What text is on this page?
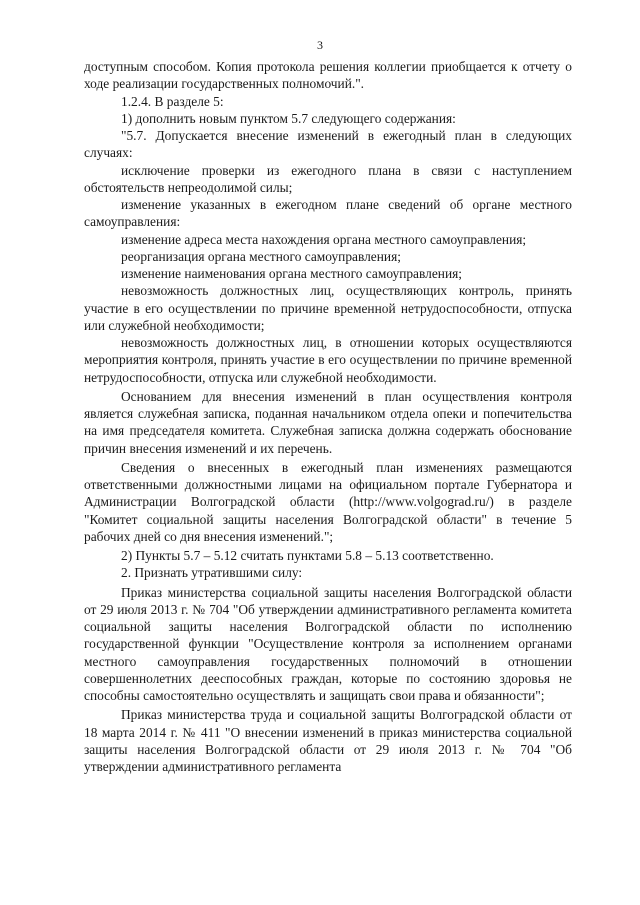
3

доступным способом. Копия протокола решения коллегии приобщается к отчету о ходе реализации государственных полномочий.".

1.2.4. В разделе 5:

1) дополнить новым пунктом 5.7 следующего содержания:

"5.7. Допускается внесение изменений в ежегодный план в следующих случаях:

исключение проверки из ежегодного плана в связи с наступлением обстоятельств непреодолимой силы;

изменение указанных в ежегодном плане сведений об органе местного самоуправления:

изменение адреса места нахождения органа местного самоуправления;

реорганизация органа местного самоуправления;

изменение наименования органа местного самоуправления;

невозможность должностных лиц, осуществляющих контроль, принять участие в его осуществлении по причине временной нетрудоспособности, отпуска или служебной необходимости;

невозможность должностных лиц, в отношении которых осуществляются мероприятия контроля, принять участие в его осуществлении по причине временной нетрудоспособности, отпуска или служебной необходимости.

Основанием для внесения изменений в план осуществления контроля является служебная записка, поданная начальником отдела опеки и попечительства на имя председателя комитета. Служебная записка должна содержать обоснование причин внесения изменений и их перечень.

Сведения о внесенных в ежегодный план изменениях размещаются ответственными должностными лицами на официальном портале Губернатора и Администрации Волгоградской области (http://www.volgograd.ru/) в разделе "Комитет социальной защиты населения Волгоградской области" в течение 5 рабочих дней со дня внесения изменений.";

2) Пункты 5.7 – 5.12 считать пунктами 5.8 – 5.13 соответственно.

2. Признать утратившими силу:

Приказ министерства социальной защиты населения Волгоградской области от 29 июля 2013 г. № 704 "Об утверждении административного регламента комитета социальной защиты населения Волгоградской области по исполнению государственной функции "Осуществление контроля за исполнением органами местного самоуправления государственных полномочий в отношении совершеннолетних дееспособных граждан, которые по состоянию здоровья не способны самостоятельно осуществлять и защищать свои права и обязанности";

Приказ министерства труда и социальной защиты Волгоградской области от 18 марта 2014 г. № 411 "О внесении изменений в приказ министерства социальной защиты населения Волгоградской области от 29 июля 2013 г. № 704 "Об утверждении административного регламента
